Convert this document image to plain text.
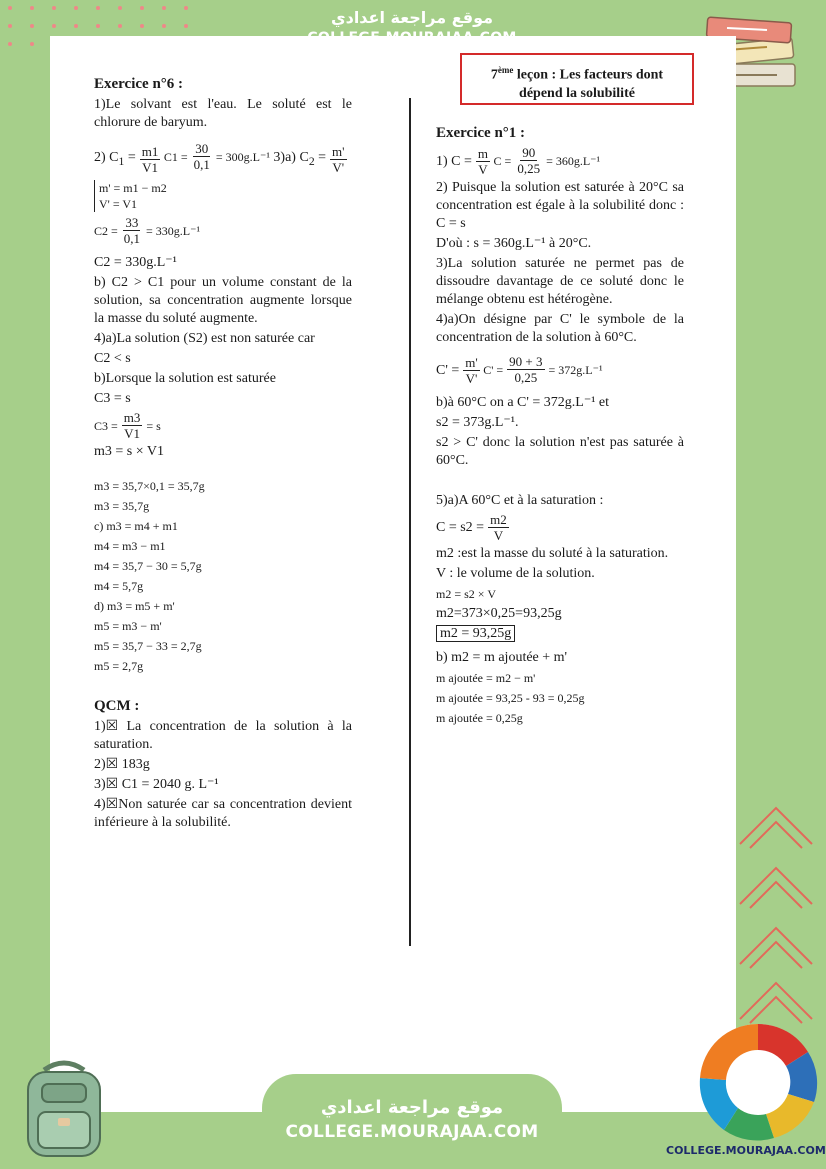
موقع مراجعة اعدادي
7ème leçon : Les facteurs dont
dépend la solubilité
Exercice n°6 :
1)Le solvant est l'eau. Le soluté est le chlorure de baryum.
2) $C_1 = \frac{m1}{V1}$
$C1 = \frac{30}{0,1} = 300g.L^{-1}$
3)a) $C_2 = \frac{m'}{V'}$
m' = m1 − m2
V' = V1
$C2 = \frac{33}{0,1} = 330g.L^{-1}$
C2 = 330g.L⁻¹
b) C2 > C1 pour un volume constant de la solution, sa concentration augmente lorsque la masse du soluté augmente.
4)a)La solution (S2) est non saturée car
C2 < s
b)Lorsque la solution est saturée
C3 = s
$C3 = \frac{m3}{V1} = s$
m3 = s × V1
m3 = 35,7×0,1 = 35,7g
m3 = 35,7g
c) m3 = m4 + m1
m4 = m3 − m1
m4 = 35,7 − 30 = 5,7g
m4 = 5,7g
d) m3 = m5 + m'
m5 = m3 − m'
m5 = 35,7 − 33 = 2,7g
m5 = 2,7g
QCM :
1)☒ La concentration de la solution à la saturation.
2)☒ 183g
3)☒ C1 = 2040 g. L⁻¹
4)☒Non saturée car sa concentration devient inférieure à la solubilité.
Exercice n°1 :
1) $C = \frac{m}{V}$
$C = \frac{90}{0,25} = 360g.L^{-1}$
2) Puisque la solution est saturée à 20°C sa concentration est égale à la solubilité donc : C = s
D'où : s = 360g.L⁻¹ à 20°C.
3)La solution saturée ne permet pas de dissoudre davantage de ce soluté donc le mélange obtenu est hétérogène.
4)a)On désigne par C' le symbole de la concentration de la solution à 60°C.
$C' = \frac{m'}{V'}$
$C' = \frac{90 + 3}{0,25} = 372g.L^{-1}$
b)à 60°C on a C' = 372g.L⁻¹ et
s2 = 373g.L⁻¹.
s2 > C' donc la solution n'est pas saturée à 60°C.
5)a)A 60°C et à la saturation :
$C = s2 = \frac{m2}{V}$
m2 :est la masse du soluté à la saturation.
V : le volume de la solution.
m2 = s2 × V
m2=373×0,25=93,25g
m2 = 93,25g
b) m2 = m ajoutée + m'
m ajoutée = m2 − m'
m ajoutée = 93,25 - 93 = 0,25g
m ajoutée = 0,25g
موقع مراجعة اعدادي
COLLEGE.MOURAJAA.COM
COLLEGE.MOURAJAA.COM
